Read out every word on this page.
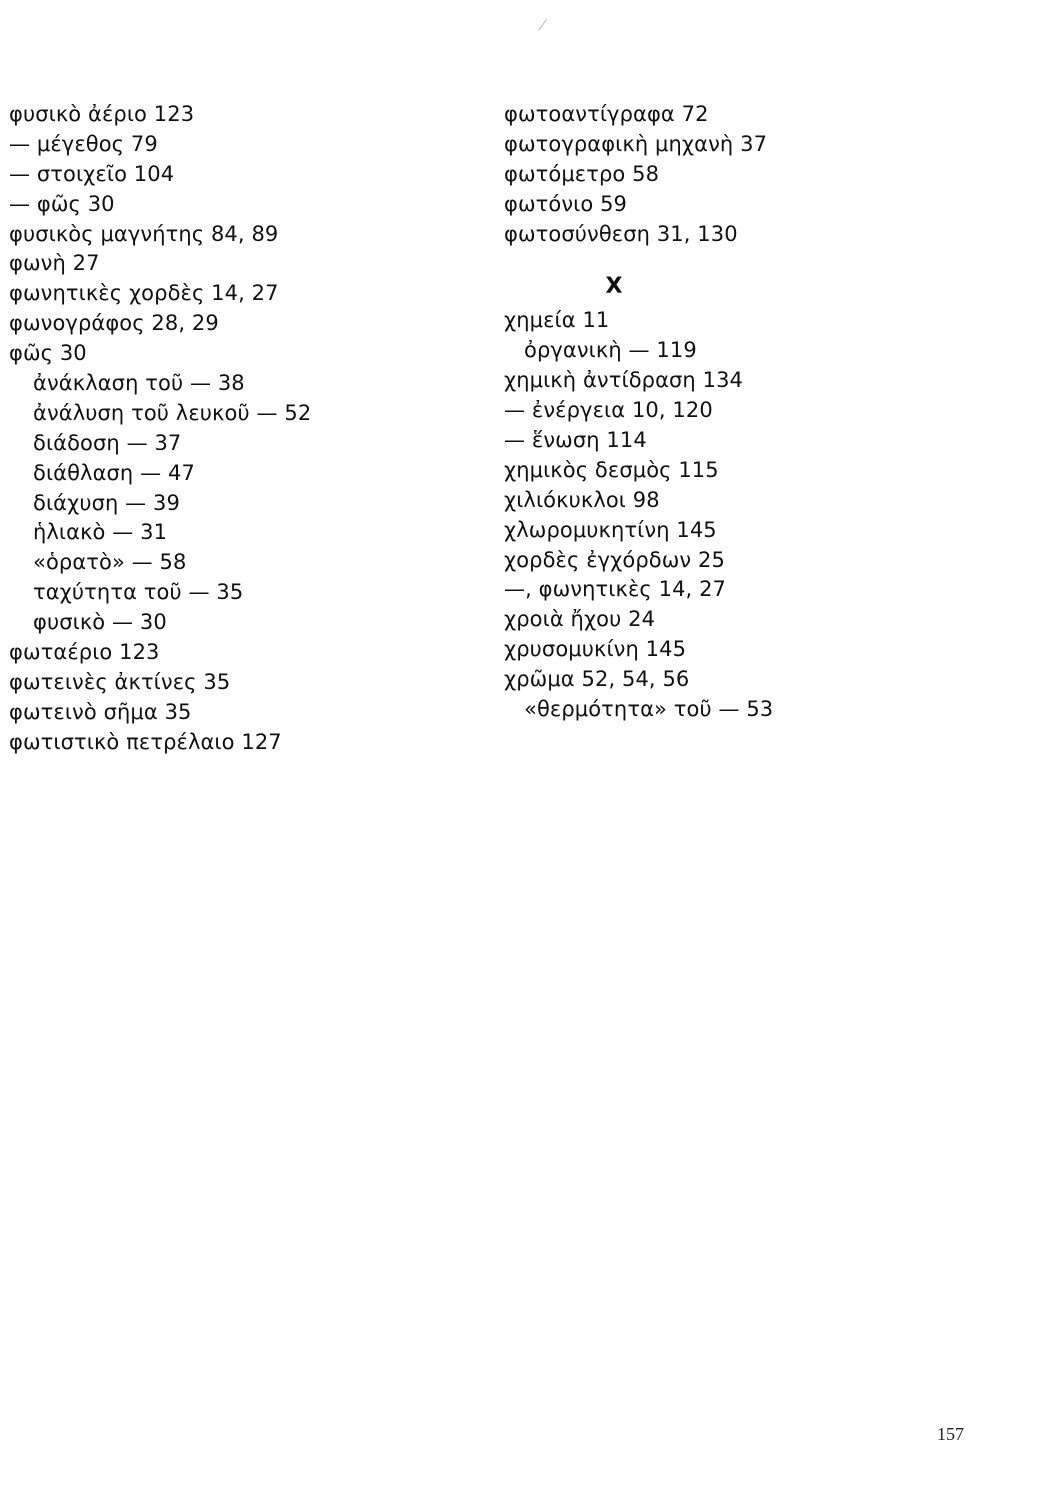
φυσικὸ ἀέριο 123
— μέγεθος 79
— στοιχεῖο 104
— φῶς 30
φυσικὸς μαγνήτης 84, 89
φωνὴ 27
φωνητικὲς χορδὲς 14, 27
φωνογράφος 28, 29
φῶς 30
ἀνάκλαση τοῦ — 38
ἀνάλυση τοῦ λευκοῦ — 52
διάδοση — 37
διάθλαση — 47
διάχυση — 39
ἡλιακὸ — 31
«ὁρατὸ» — 58
ταχύτητα τοῦ — 35
φυσικὸ — 30
φωταέριο 123
φωτεινὲς ἀκτίνες 35
φωτεινὸ σῆμα 35
φωτιστικὸ πετρέλαιο 127
φωτοαντίγραφα 72
φωτογραφικὴ μηχανὴ 37
φωτόμετρο 58
φωτόνιο 59
φωτοσύνθεση 31, 130
Χ
χημεία 11
ὀργανικὴ — 119
χημικὴ ἀντίδραση 134
— ἐνέργεια 10, 120
— ἕνωση 114
χημικὸς δεσμὸς 115
χιλιόκυκλοι 98
χλωρομυκητίνη 145
χορδὲς ἐγχόρδων 25
—, φωνητικὲς 14, 27
χροιὰ ἤχου 24
χρυσομυκίνη 145
χρῶμα 52, 54, 56
«θερμότητα» τοῦ — 53
157
